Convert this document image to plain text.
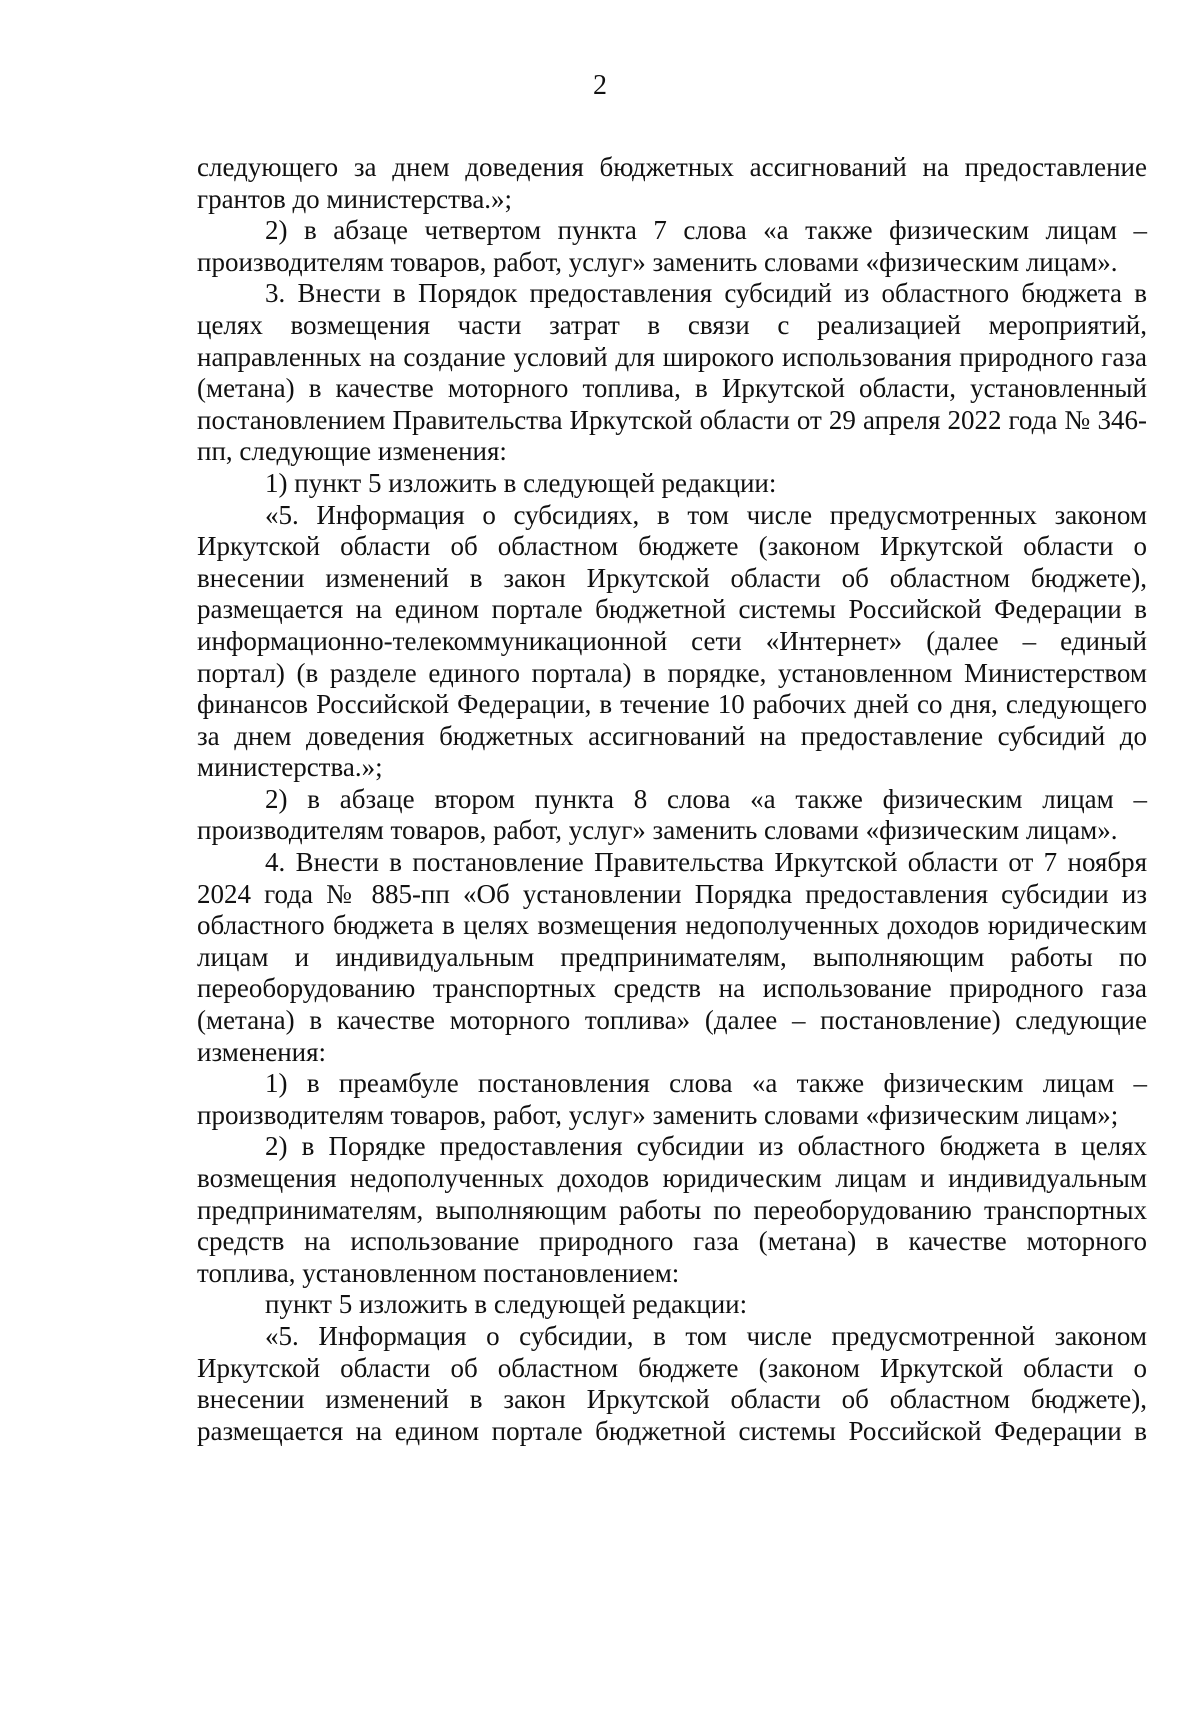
2

следующего за днем доведения бюджетных ассигнований на предоставление грантов до министерства.»;

2) в абзаце четвертом пункта 7 слова «а также физическим лицам – производителям товаров, работ, услуг» заменить словами «физическим лицам».

3. Внести в Порядок предоставления субсидий из областного бюджета в целях возмещения части затрат в связи с реализацией мероприятий, направленных на создание условий для широкого использования природного газа (метана) в качестве моторного топлива, в Иркутской области, установленный постановлением Правительства Иркутской области от 29 апреля 2022 года № 346-пп, следующие изменения:

1) пункт 5 изложить в следующей редакции:

«5. Информация о субсидиях, в том числе предусмотренных законом Иркутской области об областном бюджете (законом Иркутской области о внесении изменений в закон Иркутской области об областном бюджете), размещается на едином портале бюджетной системы Российской Федерации в информационно-телекоммуникационной сети «Интернет» (далее – единый портал) (в разделе единого портала) в порядке, установленном Министерством финансов Российской Федерации, в течение 10 рабочих дней со дня, следующего за днем доведения бюджетных ассигнований на предоставление субсидий до министерства.»;

2) в абзаце втором пункта 8 слова «а также физическим лицам – производителям товаров, работ, услуг» заменить словами «физическим лицам».

4. Внести в постановление Правительства Иркутской области от 7 ноября 2024 года № 885-пп «Об установлении Порядка предоставления субсидии из областного бюджета в целях возмещения недополученных доходов юридическим лицам и индивидуальным предпринимателям, выполняющим работы по переоборудованию транспортных средств на использование природного газа (метана) в качестве моторного топлива» (далее – постановление) следующие изменения:

1) в преамбуле постановления слова «а также физическим лицам – производителям товаров, работ, услуг» заменить словами «физическим лицам»;

2) в Порядке предоставления субсидии из областного бюджета в целях возмещения недополученных доходов юридическим лицам и индивидуальным предпринимателям, выполняющим работы по переоборудованию транспортных средств на использование природного газа (метана) в качестве моторного топлива, установленном постановлением:

пункт 5 изложить в следующей редакции:

«5. Информация о субсидии, в том числе предусмотренной законом Иркутской области об областном бюджете (законом Иркутской области о внесении изменений в закон Иркутской области об областном бюджете), размещается на едином портале бюджетной системы Российской Федерации в
